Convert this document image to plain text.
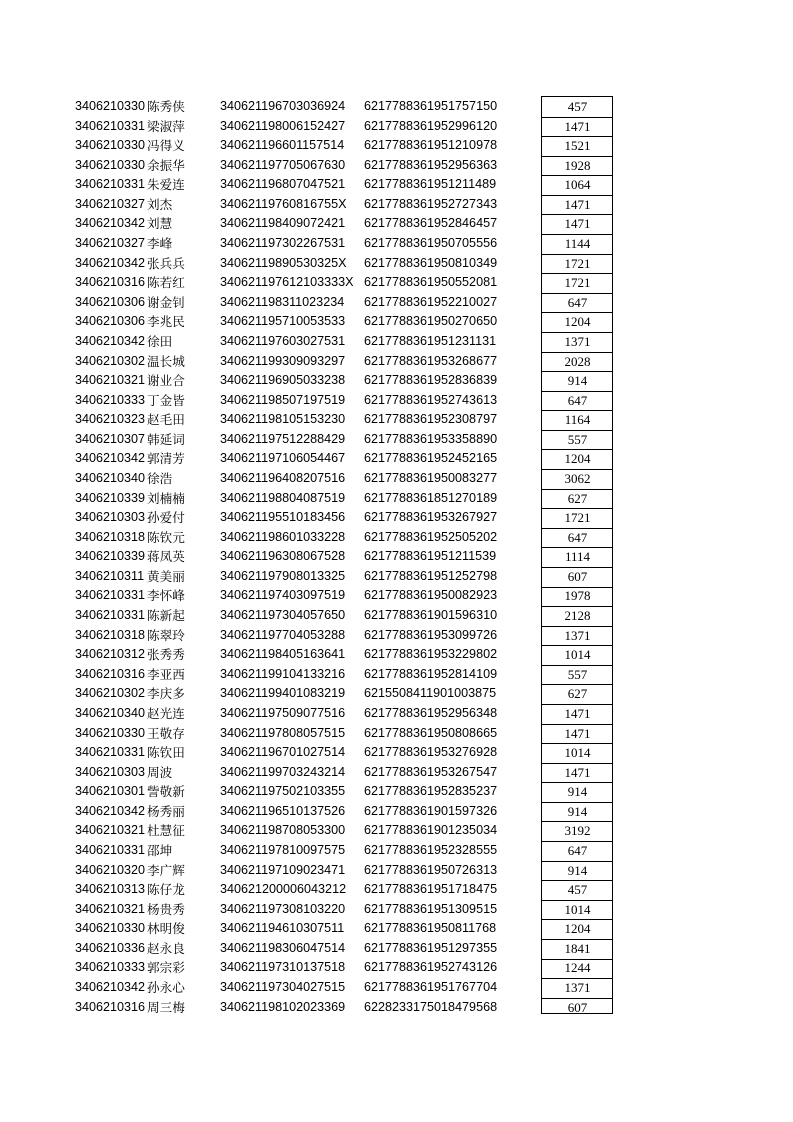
3406210330 陈秀侠	340621196703036924 6217788361951757150	457
3406210331 梁淑萍	340621198006152427 6217788361952996120	1471
3406210330 冯得义	340621196601157514 6217788361951210978	1521
3406210330 余振华	340621197705067630 6217788361952956363	1928
3406210331 朱爱连	340621196807047521 6217788361951211489	1064
3406210327 刘杰	34062119760816755X 6217788361952727343	1471
3406210342 刘慧	340621198409072421 6217788361952846457	1471
3406210327 李峰	340621197302267531 6217788361950705556	1144
3406210342 张兵兵	34062119890530325X 6217788361950810349	1721
3406210316 陈若红	340621197612103333X 6217788361950552081	1721
3406210306 谢金钊	340621198311023234 6217788361952210027	647
3406210306 李兆民	340621195710053533 6217788361950270650	1204
3406210342 徐田	340621197603027531 6217788361951231131	1371
3406210302 温长城	340621199309093297 6217788361953268677	2028
3406210321 谢业合	340621196905033238 6217788361952836839	914
3406210333 丁金皆	340621198507197519 6217788361952743613	647
3406210323 赵毛田	340621198105153230 6217788361952308797	1164
3406210307 韩延词	340621197512288429 6217788361953358890	557
3406210342 郭清芳	340621197106054467 6217788361952452165	1204
3406210340 徐浩	340621196408207516 6217788361950083277	3062
3406210339 刘楠楠	340621198804087519 6217788361851270189	627
3406210303 孙爱付	340621195510183456 6217788361953267927	1721
3406210318 陈钦元	340621198601033228 6217788361952505202	647
3406210339 蒋凤英	340621196308067528 6217788361951211539	1114
3406210311 黄美丽	340621197908013325 6217788361951252798	607
3406210331 李怀峰	340621197403097519 6217788361950082923	1978
3406210331 陈新起	340621197304057650 6217788361901596310	2128
3406210318 陈翠玲	340621197704053288 6217788361953099726	1371
3406210312 张秀秀	340621198405163641 6217788361953229802	1014
3406210316 李亚西	340621199104133216 6217788361952814109	557
3406210302 李庆多	340621199401083219 6215508411901003875	627
3406210340 赵光连	340621197509077516 6217788361952956348	1471
3406210330 王敬存	340621197808057515 6217788361950808665	1471
3406210331 陈钦田	340621196701027514 6217788361953276928	1014
3406210303 周波	340621199703243214 6217788361953267547	1471
3406210301 訾敬新	340621197502103355 6217788361952835237	914
3406210342 杨秀丽	340621196510137526 6217788361901597326	914
3406210321 杜慧征	340621198708053300 6217788361901235034	3192
3406210331 邵坤	340621197810097575 6217788361952328555	647
3406210320 李广辉	340621197109023471 6217788361950726313	914
3406210313 陈仔龙	340621200006043212 6217788361951718475	457
3406210321 杨贵秀	340621197308103220 6217788361951309515	1014
3406210330 林明俊	340621194610307511 6217788361950811768	1204
3406210336 赵永良	340621198306047514 6217788361951297355	1841
3406210333 郭宗彩	340621197310137518 6217788361952743126	1244
3406210342 孙永心	340621197304027515 6217788361951767704	1371
3406210316 周三梅	340621198102023369 6228233175018479568	607
